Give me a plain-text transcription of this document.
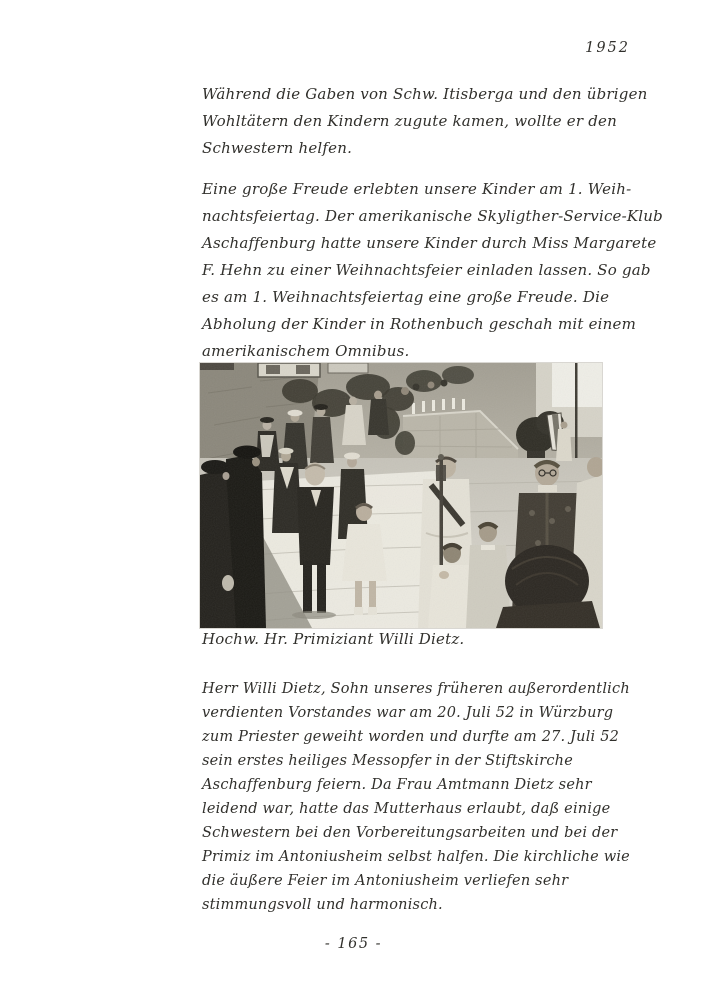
1952
Während die Gaben von Schw. Itisberga und den übrigen
Wohltätern den Kindern zugute kamen, wollte er den
Schwestern helfen.
Eine große Freude erlebten unsere Kinder am 1. Weih-
nachtsfeiertag. Der amerikanische Skyligther-Service-Klub
Aschaffenburg hatte unsere Kinder durch Miss Margarete
F. Hehn zu einer Weihnachtsfeier einladen lassen. So gab
es am 1. Weihnachtsfeiertag eine große Freude. Die
Abholung der Kinder in Rothenbuch geschah mit einem
amerikanischem Omnibus.
Hochw. Hr. Primiziant Willi Dietz.
Herr Willi Dietz, Sohn unseres früheren außerordentlich
verdienten Vorstandes war am 20. Juli 52 in Würzburg
zum Priester geweiht worden und durfte am 27. Juli 52
sein erstes heiliges Messopfer in der Stiftskirche
Aschaffenburg feiern. Da Frau Amtmann Dietz sehr
leidend war, hatte das Mutterhaus erlaubt, daß einige
Schwestern bei den Vorbereitungsarbeiten und bei der
Primiz im Antoniusheim selbst halfen. Die kirchliche wie
die äußere Feier im Antoniusheim verliefen sehr
stimmungsvoll und harmonisch.
- 165 -
